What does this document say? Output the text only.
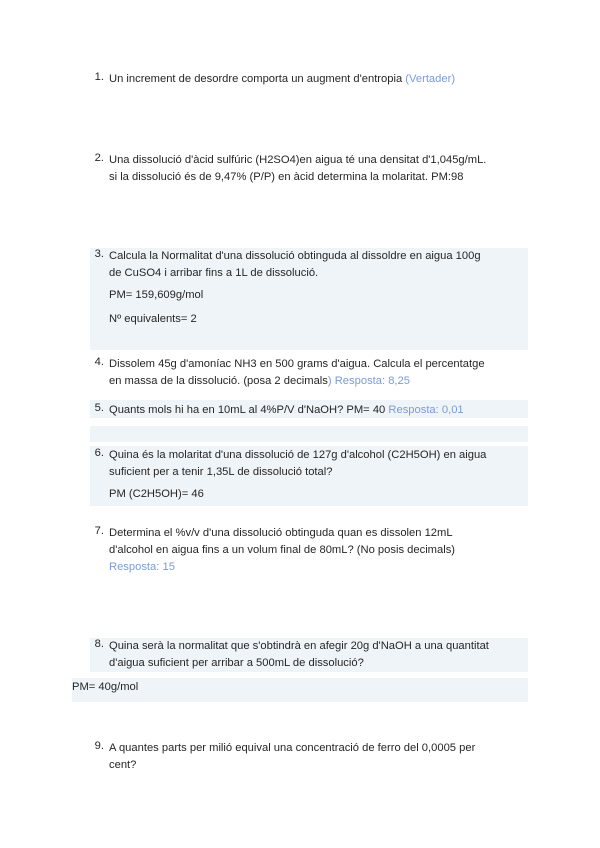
1. Un increment de desordre comporta un augment d'entropia (Vertader)
2. Una dissolució d'àcid sulfúric (H2SO4)en aigua té una densitat d'1,045g/mL.
si la dissolució és de 9,47% (P/P) en àcid determina la molaritat. PM:98
3. Calcula la Normalitat d'una dissolució obtinguda al dissoldre en aigua 100g
de CuSO4 i arribar fins a 1L de dissolució.
PM= 159,609g/mol
Nº equivalents= 2
4. Dissolem 45g d'amoníac NH3 en 500 grams d'aigua. Calcula el percentatge
en massa de la dissolució. (posa 2 decimals) Resposta: 8,25
5. Quants mols hi ha en 10mL al 4%P/V d'NaOH? PM= 40 Resposta: 0,01
6. Quina és la molaritat d'una dissolució de 127g d'alcohol (C2H5OH) en aigua
suficient per a tenir 1,35L de dissolució total?
PM (C2H5OH)= 46
7. Determina el %v/v d'una dissolució obtinguda quan es dissolen 12mL
d'alcohol en aigua fins a un volum final de 80mL? (No posis decimals)
Resposta: 15
8. Quina serà la normalitat que s'obtindrà en afegir 20g d'NaOH a una quantitat
d'aigua suficient per arribar a 500mL de dissolució?
PM= 40g/mol
9. A quantes parts per milió equival una concentració de ferro del 0,0005 per
cent?
